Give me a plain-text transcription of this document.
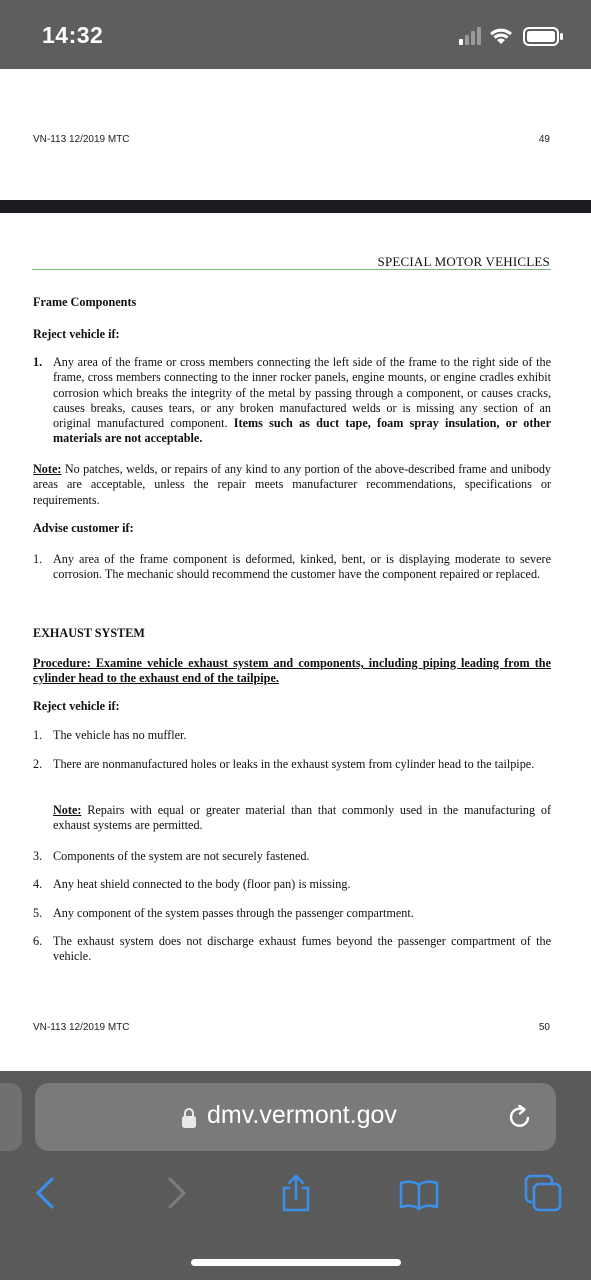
14:32
VN-113 12/2019 MTC	49
SPECIAL MOTOR VEHICLES
Frame Components
Reject vehicle if:
1. Any area of the frame or cross members connecting the left side of the frame to the right side of the frame, cross members connecting to the inner rocker panels, engine mounts, or engine cradles exhibit corrosion which breaks the integrity of the metal by passing through a component, or causes cracks, causes breaks, causes tears, or any broken manufactured welds or is missing any section of an original manufactured component. Items such as duct tape, foam spray insulation, or other materials are not acceptable.
Note: No patches, welds, or repairs of any kind to any portion of the above-described frame and unibody areas are acceptable, unless the repair meets manufacturer recommendations, specifications or requirements.
Advise customer if:
1. Any area of the frame component is deformed, kinked, bent, or is displaying moderate to severe corrosion. The mechanic should recommend the customer have the component repaired or replaced.
EXHAUST SYSTEM
Procedure: Examine vehicle exhaust system and components, including piping leading from the cylinder head to the exhaust end of the tailpipe.
Reject vehicle if:
1. The vehicle has no muffler.
2. There are nonmanufactured holes or leaks in the exhaust system from cylinder head to the tailpipe.
Note: Repairs with equal or greater material than that commonly used in the manufacturing of exhaust systems are permitted.
3. Components of the system are not securely fastened.
4. Any heat shield connected to the body (floor pan) is missing.
5. Any component of the system passes through the passenger compartment.
6. The exhaust system does not discharge exhaust fumes beyond the passenger compartment of the vehicle.
VN-113 12/2019 MTC	50
dmv.vermont.gov
